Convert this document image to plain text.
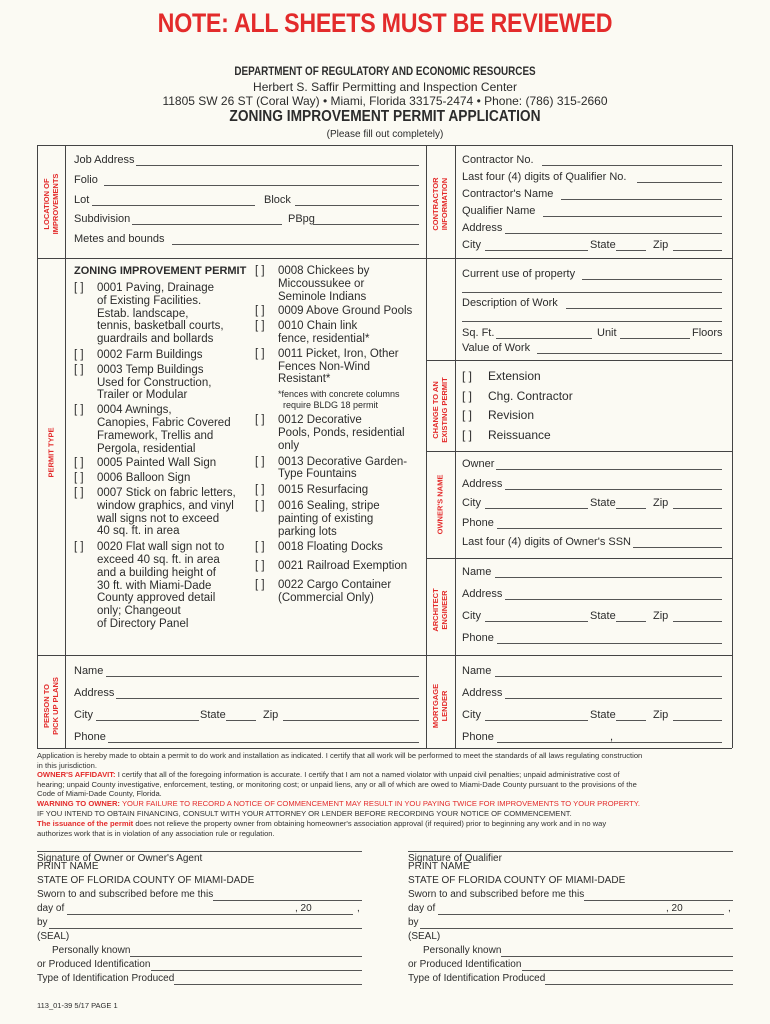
NOTE: ALL SHEETS MUST BE REVIEWED
DEPARTMENT OF REGULATORY AND ECONOMIC RESOURCES
Herbert S. Saffir Permitting and Inspection Center
11805 SW 26 ST (Coral Way) • Miami, Florida 33175-2474 • Phone: (786) 315-2660
ZONING IMPROVEMENT PERMIT APPLICATION
(Please fill out completely)
LOCATION OF
IMPROVEMENTS	CONTRACTOR
INFORMATION
PERMIT TYPE
CHANGE TO AN
EXISTING PERMIT
OWNER'S NAME
ARCHITECT
ENGINEER
PERSON TO
PICK UP PLANS	MORTGAGE
LENDER
Job Address
Folio
Lot	Block
Subdivision	PBpg
Metes and bounds
Contractor No.
Last four (4) digits of Qualifier No.
Contractor's Name
Qualifier Name
Address
City	State	Zip
ZONING IMPROVEMENT PERMIT
[ ]	0001 Paving, Drainage
of Existing Facilities.
Estab. landscape,
tennis, basketball courts,
guardrails and bollards
[ ]	0002 Farm Buildings
[ ]	0003 Temp Buildings
Used for Construction,
Trailer or Modular
[ ]	0004 Awnings,
Canopies, Fabric Covered
Framework, Trellis and
Pergola, residential
[ ]	0005 Painted Wall Sign
[ ]	0006 Balloon Sign
[ ]	0007 Stick on fabric letters,
window graphics, and vinyl
wall signs not to exceed
40 sq. ft. in area
[ ]	0020 Flat wall sign not to
exceed 40 sq. ft. in area
and a building height of
30 ft. with Miami-Dade
County approved detail
only; Changeout
of Directory Panel
[ ]	0008 Chickees by
Miccoussukee or
Seminole Indians
[ ]	0009 Above Ground Pools
[ ]	0010 Chain link
fence, residential*
[ ]	0011 Picket, Iron, Other
Fences Non-Wind
Resistant*
*fences with concrete columns
require BLDG 18 permit
[ ]	0012 Decorative
Pools, Ponds, residential only
[ ]	0013 Decorative Garden-
Type Fountains
[ ]	0015 Resurfacing
[ ]	0016 Sealing, stripe
painting of existing
parking lots
[ ]	0018 Floating Docks
[ ]	0021 Railroad Exemption
[ ]	0022 Cargo Container
(Commercial Only)
Current use of property
Description of Work
Sq. Ft.	Unit	Floors
Value of Work
[ ]	Extension
[ ]	Chg. Contractor
[ ]	Revision
[ ]	Reissuance
Owner
Address
City	State	Zip
Phone
Last four (4) digits of Owner's SSN
Name
Address
City	State	Zip
Phone
Name
Address
City	State	Zip
Phone
Name
Address
City	State	Zip
Phone	,
Application is hereby made to obtain a permit to do work and installation as indicated. I certify that all work will be performed to meet the standards of all laws regulating construction
in this jurisdiction.
OWNER'S AFFIDAVIT: I certify that all of the foregoing information is accurate. I certify that I am not a named violator with unpaid civil penalties; unpaid administrative cost of
hearing; unpaid County investigative, enforcement, testing, or monitoring cost; or unpaid liens, any or all of which are owed to Miami-Dade County pursuant to the provisions of the
Code of Miami-Dade County, Florida.
WARNING TO OWNER: YOUR FAILURE TO RECORD A NOTICE OF COMMENCEMENT MAY RESULT IN YOU PAYING TWICE FOR IMPROVEMENTS TO YOUR PROPERTY.
IF YOU INTEND TO OBTAIN FINANCING, CONSULT WITH YOUR ATTORNEY OR LENDER BEFORE RECORDING YOUR NOTICE OF COMMENCEMENT.
The issuance of the permit does not relieve the property owner from obtaining homeowner's association approval (if required) prior to beginning any work and in no way
authorizes work that is in violation of any association rule or regulation.
Signature of Owner or Owner's Agent
PRINT NAME
STATE OF FLORIDA COUNTY OF MIAMI-DADE
Sworn to and subscribed before me this
day of	, 20	,
by
(SEAL)
Personally known
or Produced Identification
Type of Identification Produced
Signature of Qualifier
PRINT NAME
STATE OF FLORIDA COUNTY OF MIAMI-DADE
Sworn to and subscribed before me this
day of	, 20	,
by
(SEAL)
Personally known
or Produced Identification
Type of Identification Produced
113_01-39 5/17 PAGE 1
